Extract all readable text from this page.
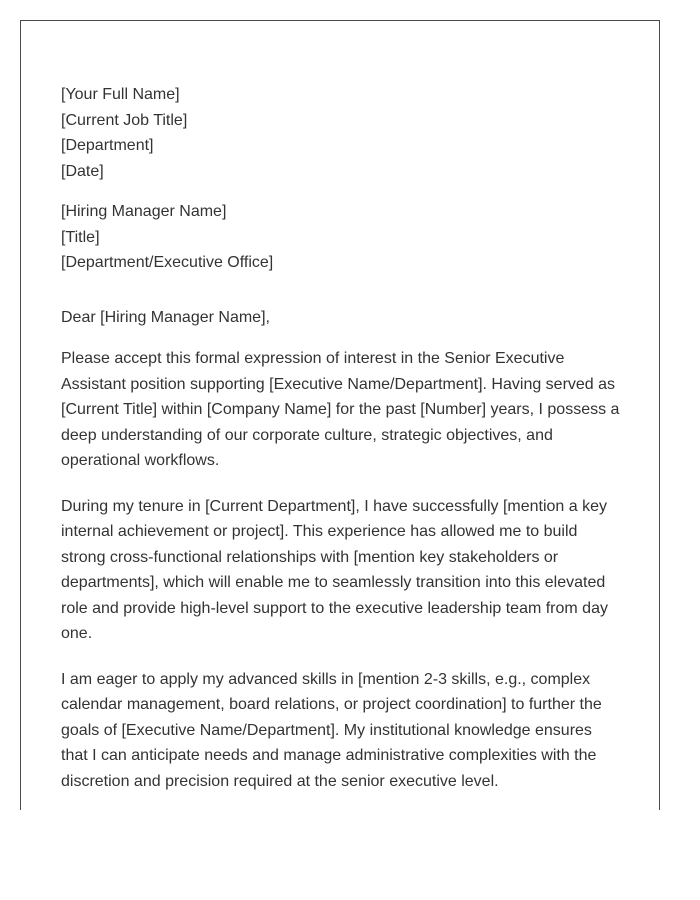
[Your Full Name]
[Current Job Title]
[Department]
[Date]
[Hiring Manager Name]
[Title]
[Department/Executive Office]
Dear [Hiring Manager Name],
Please accept this formal expression of interest in the Senior Executive
Assistant position supporting [Executive Name/Department]. Having served as
[Current Title] within [Company Name] for the past [Number] years, I possess a
deep understanding of our corporate culture, strategic objectives, and
operational workflows.
During my tenure in [Current Department], I have successfully [mention a key
internal achievement or project]. This experience has allowed me to build
strong cross-functional relationships with [mention key stakeholders or
departments], which will enable me to seamlessly transition into this elevated
role and provide high-level support to the executive leadership team from day
one.
I am eager to apply my advanced skills in [mention 2-3 skills, e.g., complex
calendar management, board relations, or project coordination] to further the
goals of [Executive Name/Department]. My institutional knowledge ensures
that I can anticipate needs and manage administrative complexities with the
discretion and precision required at the senior executive level.
